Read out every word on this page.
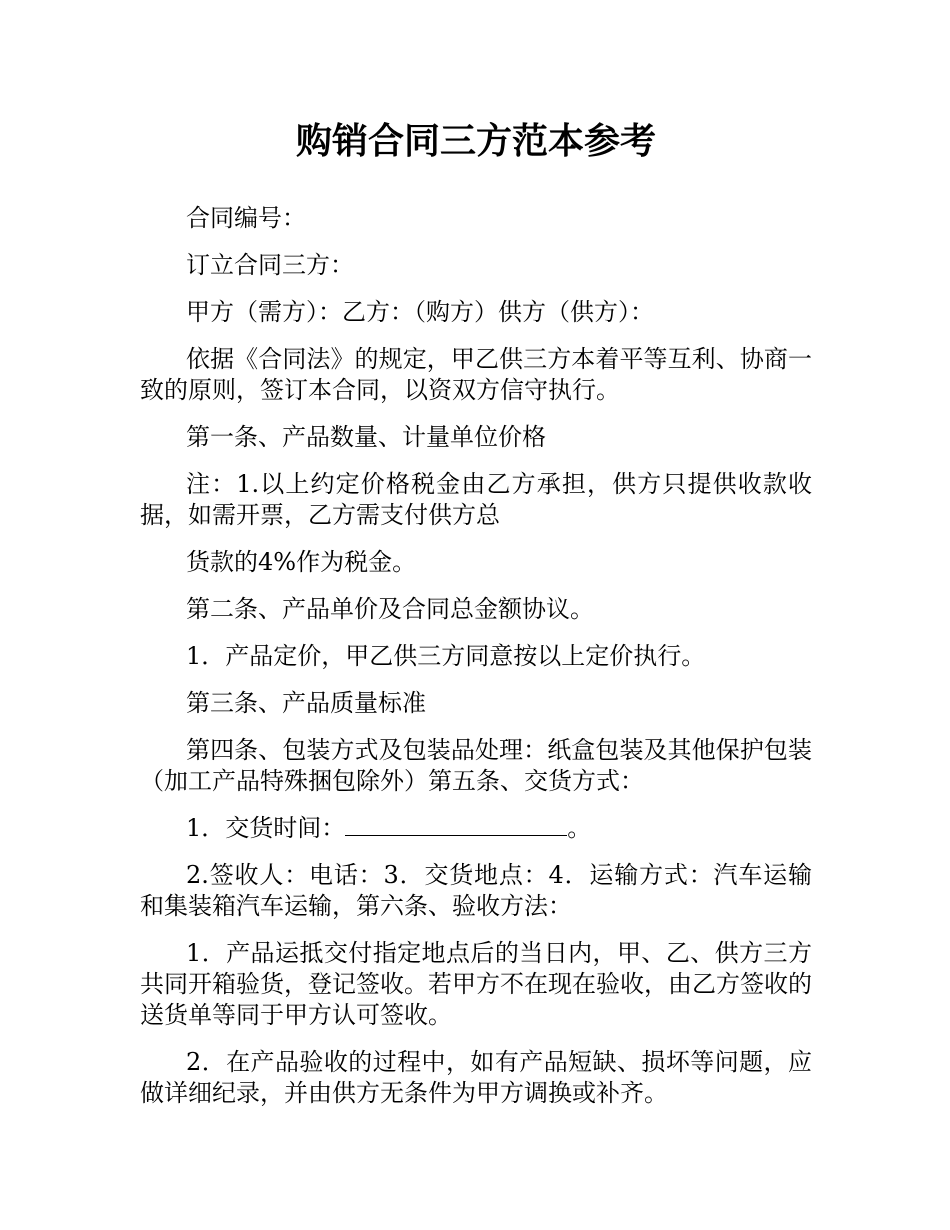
购销合同三方范本参考

合同编号：

订立合同三方：

甲方（需方）：乙方：（购方）供方（供方）：

依据《合同法》的规定，甲乙供三方本着平等互利、协商一致的原则，签订本合同，以资双方信守执行。

第一条、产品数量、计量单位价格

注：1.以上约定价格税金由乙方承担，供方只提供收款收据，如需开票，乙方需支付供方总

货款的4%作为税金。

第二条、产品单价及合同总金额协议。

1．产品定价，甲乙供三方同意按以上定价执行。

第三条、产品质量标准

第四条、包装方式及包装品处理：纸盒包装及其他保护包装（加工产品特殊捆包除外）第五条、交货方式：

1．交货时间：	。

2.签收人：电话：3．交货地点：4．运输方式：汽车运输和集装箱汽车运输，第六条、验收方法：

1．产品运抵交付指定地点后的当日内，甲、乙、供方三方共同开箱验货，登记签收。若甲方不在现在验收，由乙方签收的送货单等同于甲方认可签收。

2．在产品验收的过程中，如有产品短缺、损坏等问题，应做详细纪录，并由供方无条件为甲方调换或补齐。
